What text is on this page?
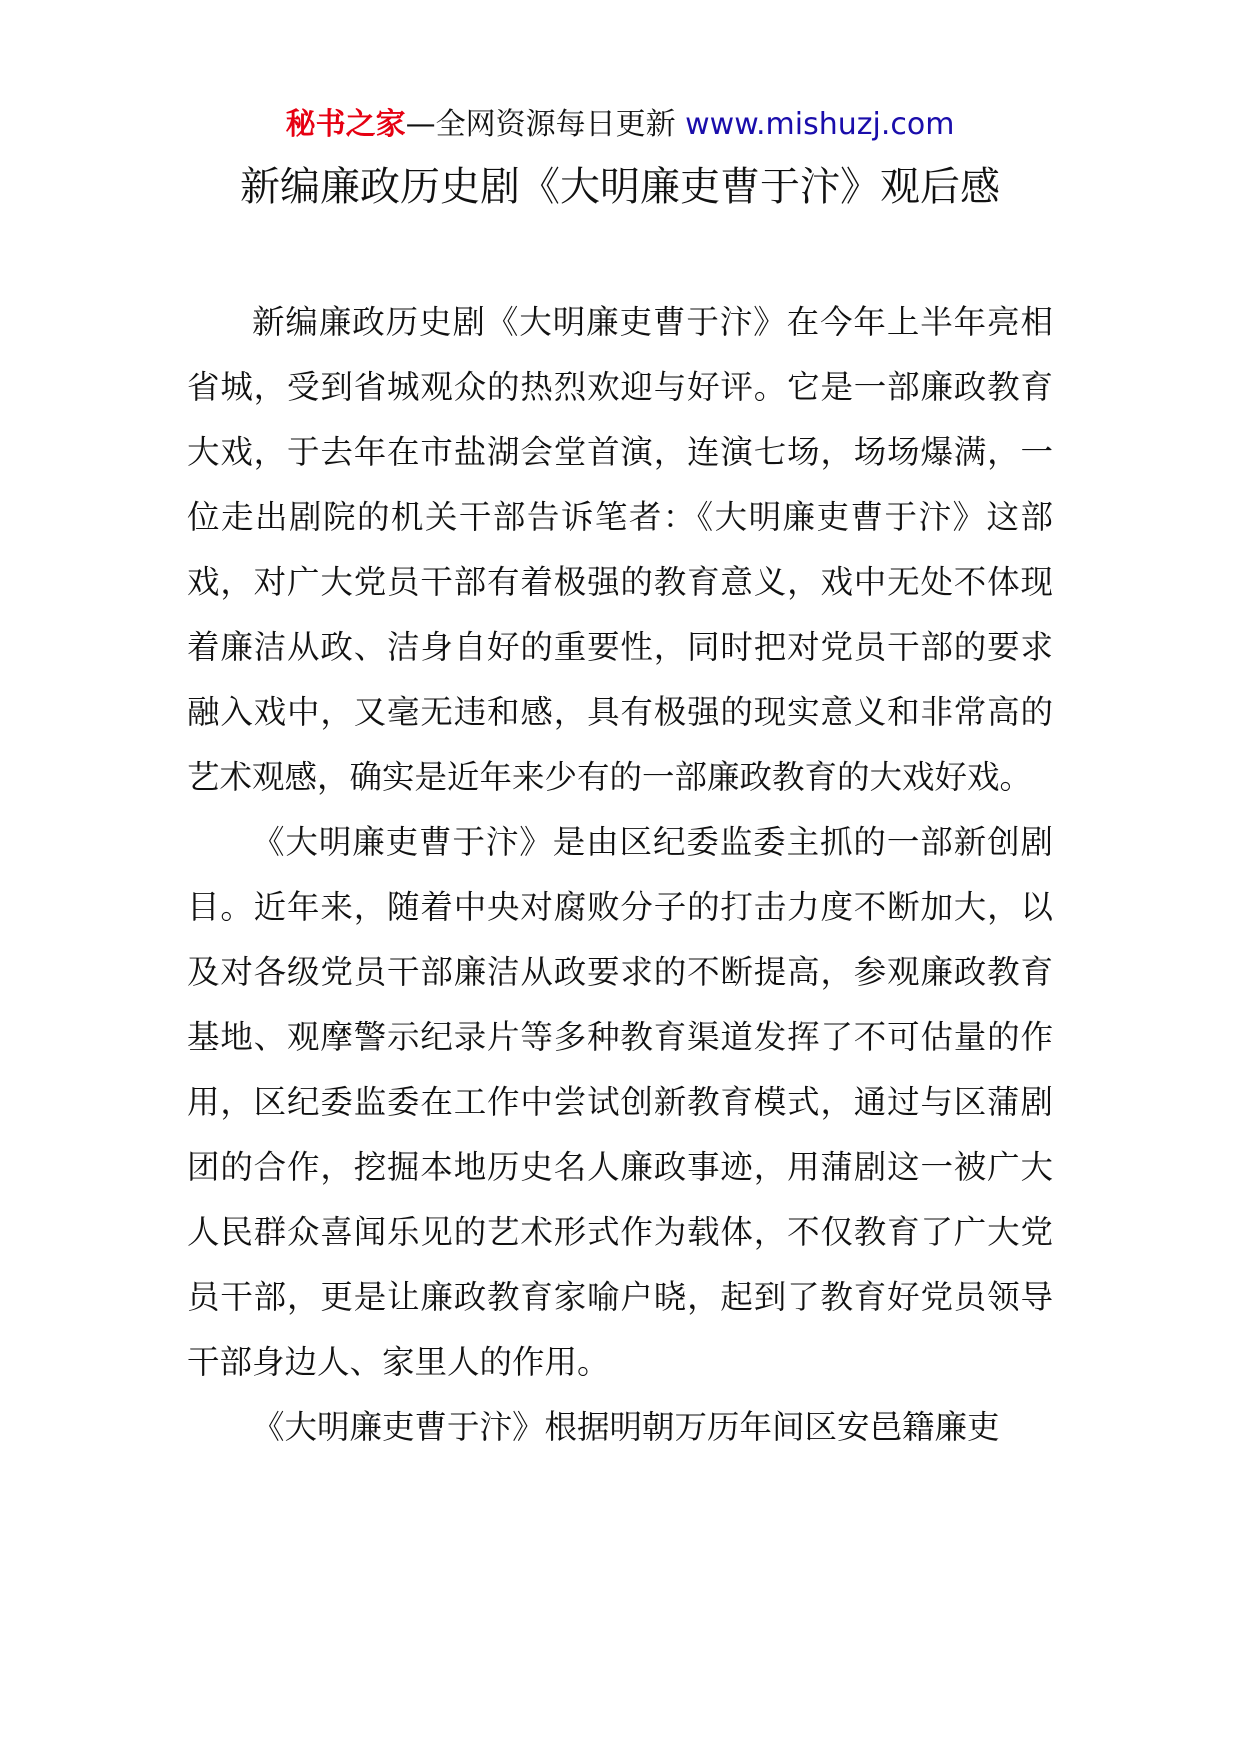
秘书之家—全网资源每日更新 www.mishuzj.com
新编廉政历史剧《大明廉吏曹于汴》观后感

新编廉政历史剧《大明廉吏曹于汴》在今年上半年亮相省城，受到省城观众的热烈欢迎与好评。它是一部廉政教育大戏，于去年在市盐湖会堂首演，连演七场，场场爆满，一位走出剧院的机关干部告诉笔者：《大明廉吏曹于汴》这部戏，对广大党员干部有着极强的教育意义，戏中无处不体现着廉洁从政、洁身自好的重要性，同时把对党员干部的要求融入戏中，又毫无违和感，具有极强的现实意义和非常高的艺术观感，确实是近年来少有的一部廉政教育的大戏好戏。

《大明廉吏曹于汴》是由区纪委监委主抓的一部新创剧目。近年来，随着中央对腐败分子的打击力度不断加大，以及对各级党员干部廉洁从政要求的不断提高，参观廉政教育基地、观摩警示纪录片等多种教育渠道发挥了不可估量的作用，区纪委监委在工作中尝试创新教育模式，通过与区蒲剧团的合作，挖掘本地历史名人廉政事迹，用蒲剧这一被广大人民群众喜闻乐见的艺术形式作为载体，不仅教育了广大党员干部，更是让廉政教育家喻户晓，起到了教育好党员领导干部身边人、家里人的作用。

《大明廉吏曹于汴》根据明朝万历年间区安邑籍廉吏
